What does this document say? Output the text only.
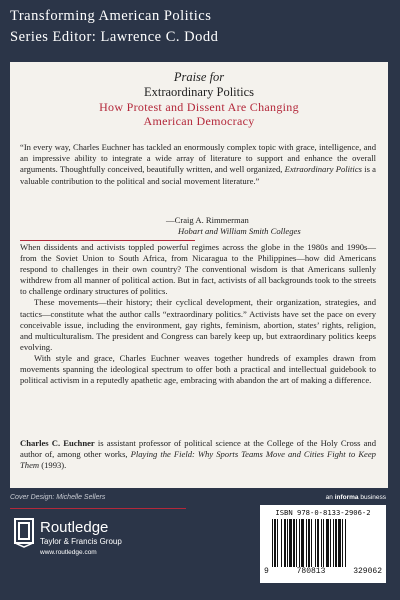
Transforming American Politics
Series Editor: Lawrence C. Dodd
Praise for
Extraordinary Politics
How Protest and Dissent Are Changing
American Democracy
“In every way, Charles Euchner has tackled an enormously complex topic with grace, intelligence, and an impressive ability to integrate a wide array of literature to support and enhance the overall arguments. Thoughtfully conceived, beautifully written, and well organized, Extraordinary Politics is a valuable contribution to the political and social movement literature.”
—Craig A. Rimmerman
Hobart and William Smith Colleges

When dissidents and activists toppled powerful regimes across the globe in the 1980s and 1990s—from the Soviet Union to South Africa, from Nicaragua to the Philippines—how did Americans respond to challenges in their own country? The conventional wisdom is that Americans sullenly withdrew from all manner of political action. But in fact, activists of all backgrounds took to the streets to challenge ordinary structures of politics.

These movements—their history; their cyclical development, their organization, strategies, and tactics—constitute what the author calls “extraordinary politics.” Activists have set the pace on every conceivable issue, including the environment, gay rights, feminism, abortion, states’ rights, religion, and multiculturalism. The president and Congress can barely keep up, but extraordinary politics keeps evolving.

With style and grace, Charles Euchner weaves together hundreds of examples drawn from movements spanning the ideological spectrum to offer both a practical and intellectual guidebook to political activism in a reputedly apathetic age, embracing with abandon the art of making a difference.

Charles C. Euchner is assistant professor of political science at the College of the Holy Cross and author of, among other works, Playing the Field: Why Sports Teams Move and Cities Fight to Keep Them (1993).
Cover Design: Michelle Sellers	an informa business
Routledge
Taylor & Francis Group
www.routledge.com
ISBN 978-0-8133-2906-2
9	780813	329062
